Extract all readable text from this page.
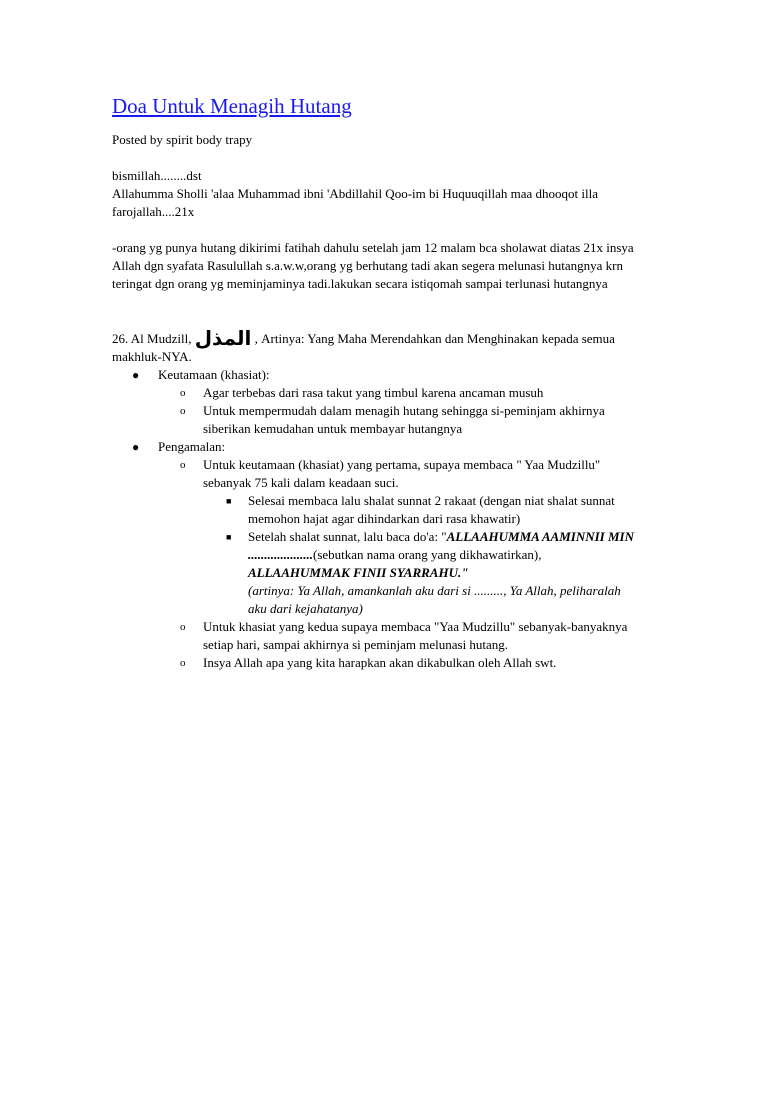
Doa Untuk Menagih Hutang
Posted by spirit body trapy
bismillah........dst
Allahumma Sholli 'alaa Muhammad ibni 'Abdillahil Qoo-im bi Huquuqillah maa dhooqot illa farojallah....21x
-orang yg punya hutang dikirimi fatihah dahulu setelah jam 12 malam bca sholawat diatas 21x insya Allah dgn syafata Rasulullah s.a.w.w,orang yg berhutang tadi akan segera melunasi hutangnya krn teringat dgn orang yg meminjaminya tadi.lakukan secara istiqomah sampai terlunasi hutangnya
26. Al Mudzill, المذل , Artinya: Yang Maha Merendahkan dan Menghinakan kepada semua makhluk-NYA.
● Keutamaan (khasiat):
o Agar terbebas dari rasa takut yang timbul karena ancaman musuh
o Untuk mempermudah dalam menagih hutang sehingga si-peminjam akhirnya siberikan kemudahan untuk membayar hutangnya
● Pengamalan:
o Untuk keutamaan (khasiat) yang pertama, supaya membaca " Yaa Mudzillu" sebanyak 75 kali dalam keadaan suci.
■ Selesai membaca lalu shalat sunnat 2 rakaat (dengan niat shalat sunnat memohon hajat agar dihindarkan dari rasa khawatir)
■ Setelah shalat sunnat, lalu baca do'a: "ALLAAHUMMA AAMINNII MIN ....................(sebutkan nama orang yang dikhawatirkan), ALLAAHUMMAK FINII SYARRAHU."
(artinya: Ya Allah, amankanlah aku dari si ........., Ya Allah, peliharalah aku dari kejahatanya)
o Untuk khasiat yang kedua supaya membaca "Yaa Mudzillu" sebanyak-banyaknya setiap hari, sampai akhirnya si peminjam melunasi hutang.
o Insya Allah apa yang kita harapkan akan dikabulkan oleh Allah swt.
